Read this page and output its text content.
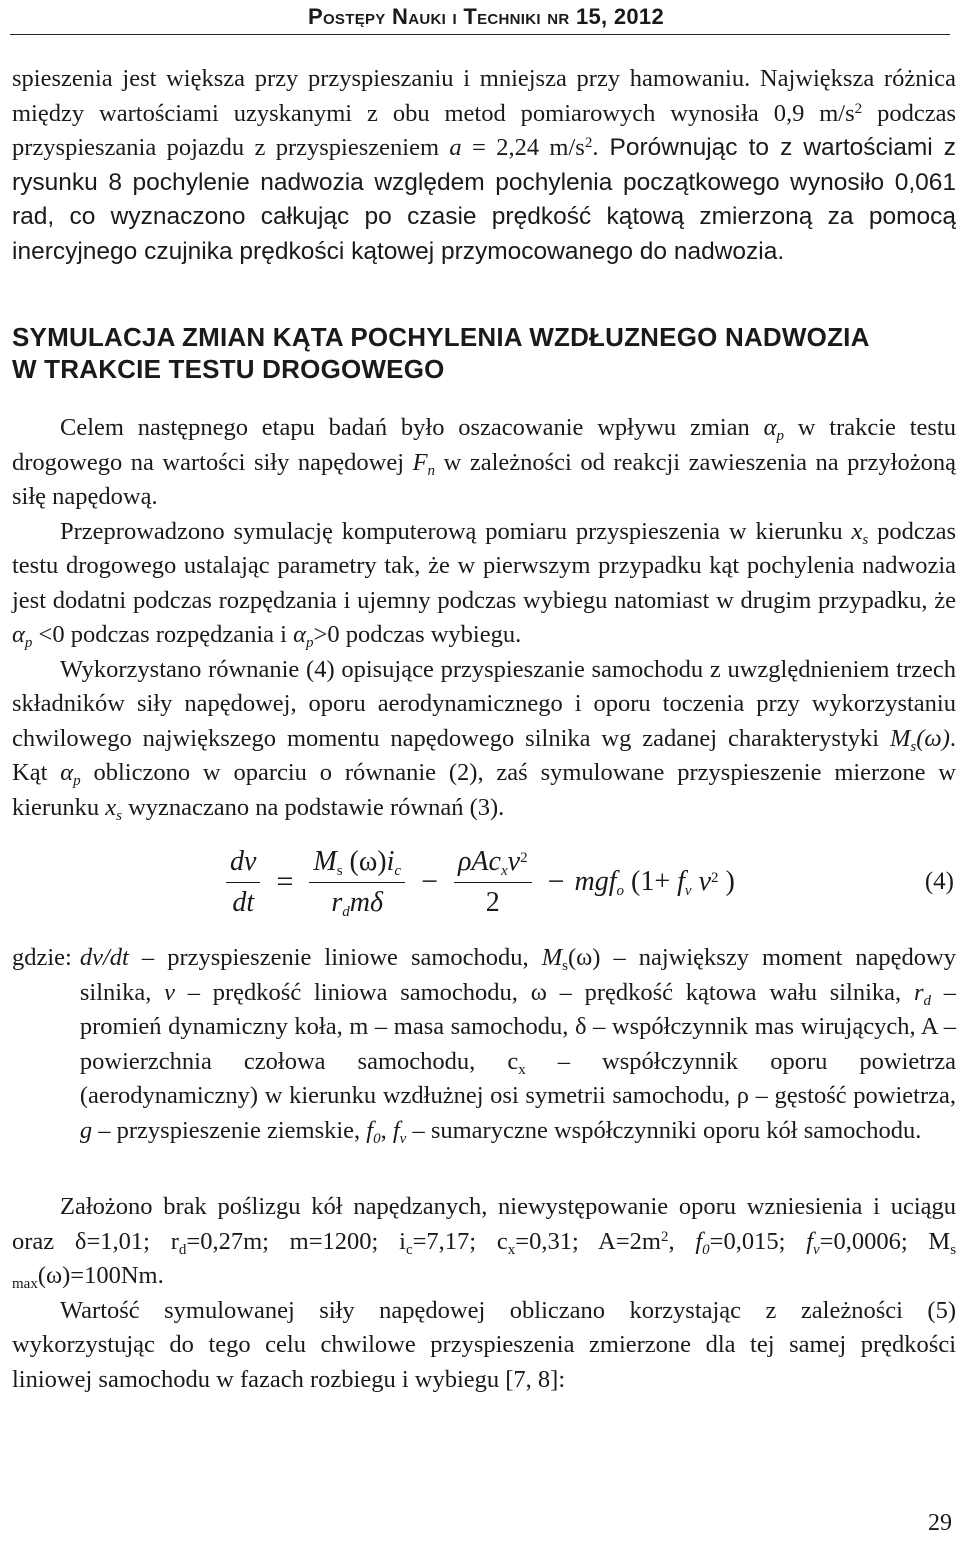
Postępy Nauki i Techniki nr 15, 2012

spieszenia jest większa przy przyspieszaniu i mniejsza przy hamowaniu. Największa różnica między wartościami uzyskanymi z obu metod pomiarowych wynosiła 0,9 $m/s^2$ podczas przyspieszania pojazdu z przyspieszeniem a = 2,24 $m/s^2$. Porównując to z wartościami z rysunku 8 pochylenie nadwozia względem pochylenia początkowego wynosiło 0,061 rad, co wyznaczono całkując po czasie prędkość kątową zmierzoną za pomocą inercyjnego czujnika prędkości kątowej przymocowanego do nadwozia.

SYMULACJA ZMIAN KĄTA POCHYLENIA WZDŁUZNEGO NADWOZIA
W TRAKCIE TESTU DROGOWEGO

Celem następnego etapu badań było oszacowanie wpływu zmian $\alpha_p$ w trakcie testu drogowego na wartości siły napędowej $F_n$ w zależności od reakcji zawieszenia na przyłożoną siłę napędową.

Przeprowadzono symulację komputerową pomiaru przyspieszenia w kierunku $x_s$ podczas testu drogowego ustalając parametry tak, że w pierwszym przypadku kąt pochylenia nadwozia jest dodatni podczas rozpędzania i ujemny podczas wybiegu natomiast w drugim przypadku, że $\alpha_p <0$ podczas rozpędzania i $\alpha_p>0$ podczas wybiegu.

Wykorzystano równanie (4) opisujące przyspieszanie samochodu z uwzględnieniem trzech składników siły napędowej, oporu aerodynamicznego i oporu toczenia przy wykorzystaniu chwilowego największego momentu napędowego silnika wg zadanej charakterystyki $M_s(\omega)$. Kąt $\alpha_p$ obliczono w oparciu o równanie (2), zaś symulowane przyspieszenie mierzone w kierunku $x_s$ wyznaczano na podstawie równań (3).

$\frac{dv}{dt} = \frac{M_s (\omega)i_c}{r_dm\delta} - \frac{\rho Ac_xv^2}{2} - mgf_o$ ($1+ f_v$ $v^2$ )	(4)
gdzie: dv/dt – przyspieszenie liniowe samochodu, $M_s(\omega)$ – największy moment napędowy silnika, v – prędkość liniowa samochodu, ω – prędkość kątowa wału silnika, $r_d$ – promień dynamiczny koła, m – masa samochodu, δ – współczynnik mas wirujących, A – powierzchnia czołowa samochodu, $c_x$ – współczynnik oporu powietrza (aerodynamiczny) w kierunku wzdłużnej osi symetrii samochodu, ρ – gęstość powietrza, g – przyspieszenie ziemskie, $f_0$, $f_v$ – sumaryczne współczynniki oporu kół samochodu.

Założono brak poślizgu kół napędzanych, niewystępowanie oporu wzniesienia i uciągu oraz δ=1,01; $r_d=0,27m$; m=1200; $i_c=7,17$; $c_x=0,31$; $A=2m^2$, $f_0=0,015$; $f_v=0,0006$; $M_{s max}(\omega)=100Nm$.

Wartość symulowanej siły napędowej obliczano korzystając z zależności (5) wykorzystując do tego celu chwilowe przyspieszenia zmierzone dla tej samej prędkości liniowej samochodu w fazach rozbiegu i wybiegu [7, 8]:

29
